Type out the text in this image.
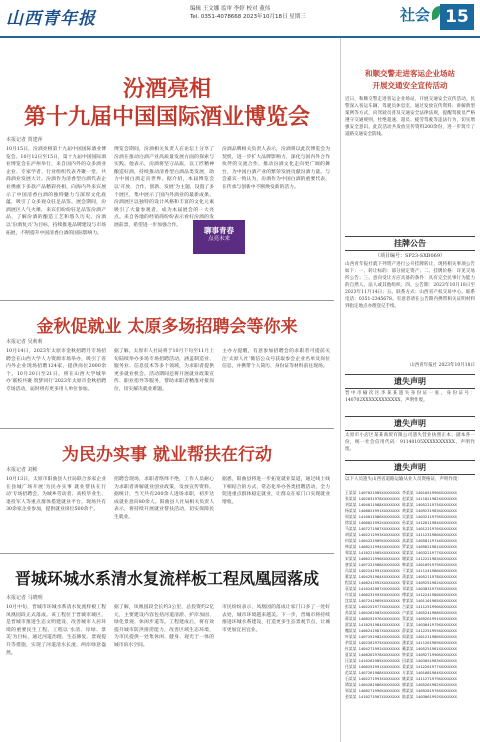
山西青年报	编辑 王文娜 监审 李婷 校对 董伟
Tel. 0351-4078668 2023年10月18日 星期三	社会 15
汾酒亮相
第十九届中国国际酒业博览会
本报记者 贾建萍
10月15日，汾酒亮相第十九届中国国际酒业博览会。10月12日至15日，第十九届中国国际酒业博览会在泸州举行，来自国内外的众多酒业企业、专家学者、行业组织代表齐聚一堂，共商酒业发展大计。汾酒作为清香型白酒代表企业携旗下多款产品精彩亮相，向海内外来宾展示了中国清香白酒的独特魅力与深厚文化底蕴，吸引了众多观众驻足品鉴。展会期间，汾酒展区人气火爆，来宾们纷纷驻足品鉴汾酒产品，了解汾酒的酿造工艺和悠久历史。汾酒以‘汾酒复兴’为目标，持续推进品牌建设与市场拓展，不断提升中国清香白酒的国际影响力。
博览会期间，汾酒相关负责人在论坛上分享了汾酒在推动白酒产业高质量发展方面的探索与实践。他表示，汾酒将坚守品质，以工匠精神酿造好酒，持续推动清香型白酒品类发展，助力中国白酒走向世界。据介绍，本届博览会以‘开放、合作、创新、发展’为主题，设置了多个展区，集中展示了国内外酒业的最新成果。汾酒展区以独特的设计风格和丰富的文化元素吸引了大量参观者，成为本届展会的一大亮点。来自各地的经销商纷纷表示看好汾酒的发展前景，希望进一步加强合作。
汾酒品牌相关负责人表示，汾酒将以此次博览会为契机，进一步扩大品牌影响力，深化与国内外合作伙伴的交流合作，推动汾酒文化走向更广阔的舞台，为中国白酒产业的繁荣发展贡献汾酒力量。与会嘉宾一致认为，汾酒作为中国白酒的重要代表，在传承与创新中不断焕发新的活力。
聊事青春
点亮未来
金秋促就业 太原多场招聘会等你来
本报记者 吴莉莉
10月14日，2023年太原市金秋招聘月专场招聘会在山西大学人力资源市场举办，吸引了省内外企业现场招聘124家，提供岗位2000余个。10月20日至21日，将在山西大学城举办‘联校共聚 筑梦同行’2023年太原市金秋招聘专场活动，届时将有更多用人单位参加。
据了解，太原市人社局将于10月下旬至11月上旬陆续举办多场专场招聘活动，涵盖制造业、服务业、信息技术等多个领域，为求职者提供更多就业机会。活动期间还将开展就业政策宣传、职业指导等服务，帮助求职者精准对接岗位，切实解决就业难题。
主办方提醒，有意参加招聘会的求职者可提前关注‘太原人社’微信公众号获取参会企业名单及岗位信息，并携带个人简历、身份证等材料前往现场。
为民办实事 就业帮扶在行动
本报记者 刘彬
10月13日，太原市阳曲县人社局联合多家企业在县城广场开展‘为民办实事 就业帮扶在行动’专场招聘会，为城乡劳动者、高校毕业生、退役军人等重点群体搭建就业平台。现场共有30余家企业参加，提供就业岗位500余个。
招聘会现场，求职者络绎不绝，工作人员耐心为求职者讲解就业创业政策，发放宣传资料。据统计，当天共有200余人进场求职，初步达成就业意向80余人。阳曲县人社局相关负责人表示，将持续开展就业帮扶活动，切实保障民生就业。
据悉，阳曲县将进一步拓宽就业渠道，通过线上线下相结合的方式，常态化举办各类招聘活动，全力促进重点群体稳定就业，让群众在家门口实现就业增收。
晋城环城水系清水复流样板工程凤凰园落成
本报记者 马晓明
10月中旬，晋城市环城水系清水复流样板工程凤凰园段正式落成。该工程位于晋城市城区，是晋城市推进生态文明建设、改善城市人居环境的重要民生工程。工程以‘水清、岸绿、景美’为目标，通过河道治理、生态修复、景观提升等措施，实现了河道清水长流、两岸绿意盎然。
据了解，凤凰园段全长约3公里，总投资约2亿元，主要建设内容包括河道清淤、护岸加固、绿化景观、休闲步道等。工程建成后，将有效提升城市防洪排涝能力，改善区域生态环境，为市民提供一处集休闲、健身、观光于一体的城市滨水空间。
市民纷纷表示，凤凰园的落成让家门口多了一处好去处，城市环境越来越美。下一步，晋城市将持续推进环城水系建设，打造更多生态景观节点，让城市更加宜居宜业。
和顺交警走进客运企业场站
开展交通安全宣传活动
近日，和顺交警走进客运企业场站，开展交通安全宣传活动。民警深入客运车辆、驾驶员休息室，通过发放宣传资料、讲解典型案例等方式，向驾驶员普及交通安全法律法规，提醒驾驶员严格遵守交通规则，杜绝超速、超员、疲劳驾驶等违法行为，切实增强安全意识。此次活动共发放宣传资料200余份，进一步筑牢了道路交通安全防线。
挂牌公告
（项目编号：SP23-SXB069）
山西青年报社就下列资产进行公开挂牌转让，现将相关事项公告如下：一、转让标的：部分固定资产；二、挂牌价格：详见交易所公告；三、意向受让方应具备的条件：具有完全民事行为能力的自然人、法人或其他组织；四、公告期：2023年10月18日至2023年11月14日；五、联系方式：山西省产权交易中心。联系电话：0351-2345678。有意者请在公告期内携带相关证明材料到指定地点办理登记手续。
山西青年报社 2023年10月18日
遗失声明
晋中市榆次区李某某遗失身份证一张，身份证号：140702XXXXXXXXXXXX，声明作废。
遗失声明
太原市小店区某某商贸有限公司遗失营业执照正本、副本各一份，统一社会信用代码：91140105XXXXXXXXXX，声明作废。
遗失声明
以下人员遗失山西省道路运输从业人员资格证，声明作废：
王某某 1407021985XXXXXXXX 李某某 1401051990XXXXXXXX
张某某 1402031978XXXXXXXX 赵某某 1411021982XXXXXXXX
刘某某 1404011988XXXXXXXX 陈某某 1405221975XXXXXXXX
杨某某 1408021991XXXXXXXX 黄某某 1409231983XXXXXXXX
周某某 1410011986XXXXXXXX 吴某某 1403211979XXXXXXXX
徐某某 1406021992XXXXXXXX 孙某某 1412011984XXXXXXXX
马某某 1407271987XXXXXXXX 朱某某 1401221976XXXXXXXX
胡某某 1402211993XXXXXXXX 郭某某 1411231980XXXXXXXX
何某某 1404221989XXXXXXXX 高某某 1405811974XXXXXXXX
林某某 1408211994XXXXXXXX 罗某某 1409021981XXXXXXXX
郑某某 1410221985XXXXXXXX 梁某某 1403221977XXXXXXXX
宋某某 1406211990XXXXXXXX 谢某某 1412221983XXXXXXXX
唐某某 1407221988XXXXXXXX 韩某某 1401091979XXXXXXXX
冯某某 1402241991XXXXXXXX 于某某 1411241986XXXXXXXX
董某某 1404251984XXXXXXXX 萧某某 1405211978XXXXXXXX
程某某 1408241992XXXXXXXX 曹某某 1409251982XXXXXXXX
袁某某 1410241987XXXXXXXX 邓某某 1403031975XXXXXXXX
许某某 1406231993XXXXXXXX 傅某某 1412241980XXXXXXXX
沈某某 1407241989XXXXXXXX 曾某某 1401101985XXXXXXXX
彭某某 1402251977XXXXXXXX 吕某某 1411251990XXXXXXXX
苏某某 1404261983XXXXXXXX 卢某某 1405241988XXXXXXXX
蒋某某 1408251976XXXXXXXX 蔡某某 1409261991XXXXXXXX
贾某某 1410251984XXXXXXXX 丁某某 1403041979XXXXXXXX
魏某某 1406241987XXXXXXXX 薛某某 1412251993XXXXXXXX
叶某某 1407251982XXXXXXXX 阎某某 1401211986XXXXXXXX
余某某 1402261975XXXXXXXX 潘某某 1411261989XXXXXXXX
杜某某 1404271992XXXXXXXX 戴某某 1405251981XXXXXXXX
夏某某 1408261978XXXXXXXX 钟某某 1409271990XXXXXXXX
汪某某 1410261985XXXXXXXX 田某某 1403051983XXXXXXXX
任某某 1406251991XXXXXXXX 姜某某 1412261977XXXXXXXX
范某某 1407261988XXXXXXXX 方某某 1401081984XXXXXXXX
石某某 1402271993XXXXXXXX 姚某某 1411271979XXXXXXXX
谭某某 1404281986XXXXXXXX 廖某某 1405261982XXXXXXXX
邹某某 1408271990XXXXXXXX 熊某某 1409281976XXXXXXXX
金某某 1410271987XXXXXXXX 陆某某 1403061992XXXXXXXX
